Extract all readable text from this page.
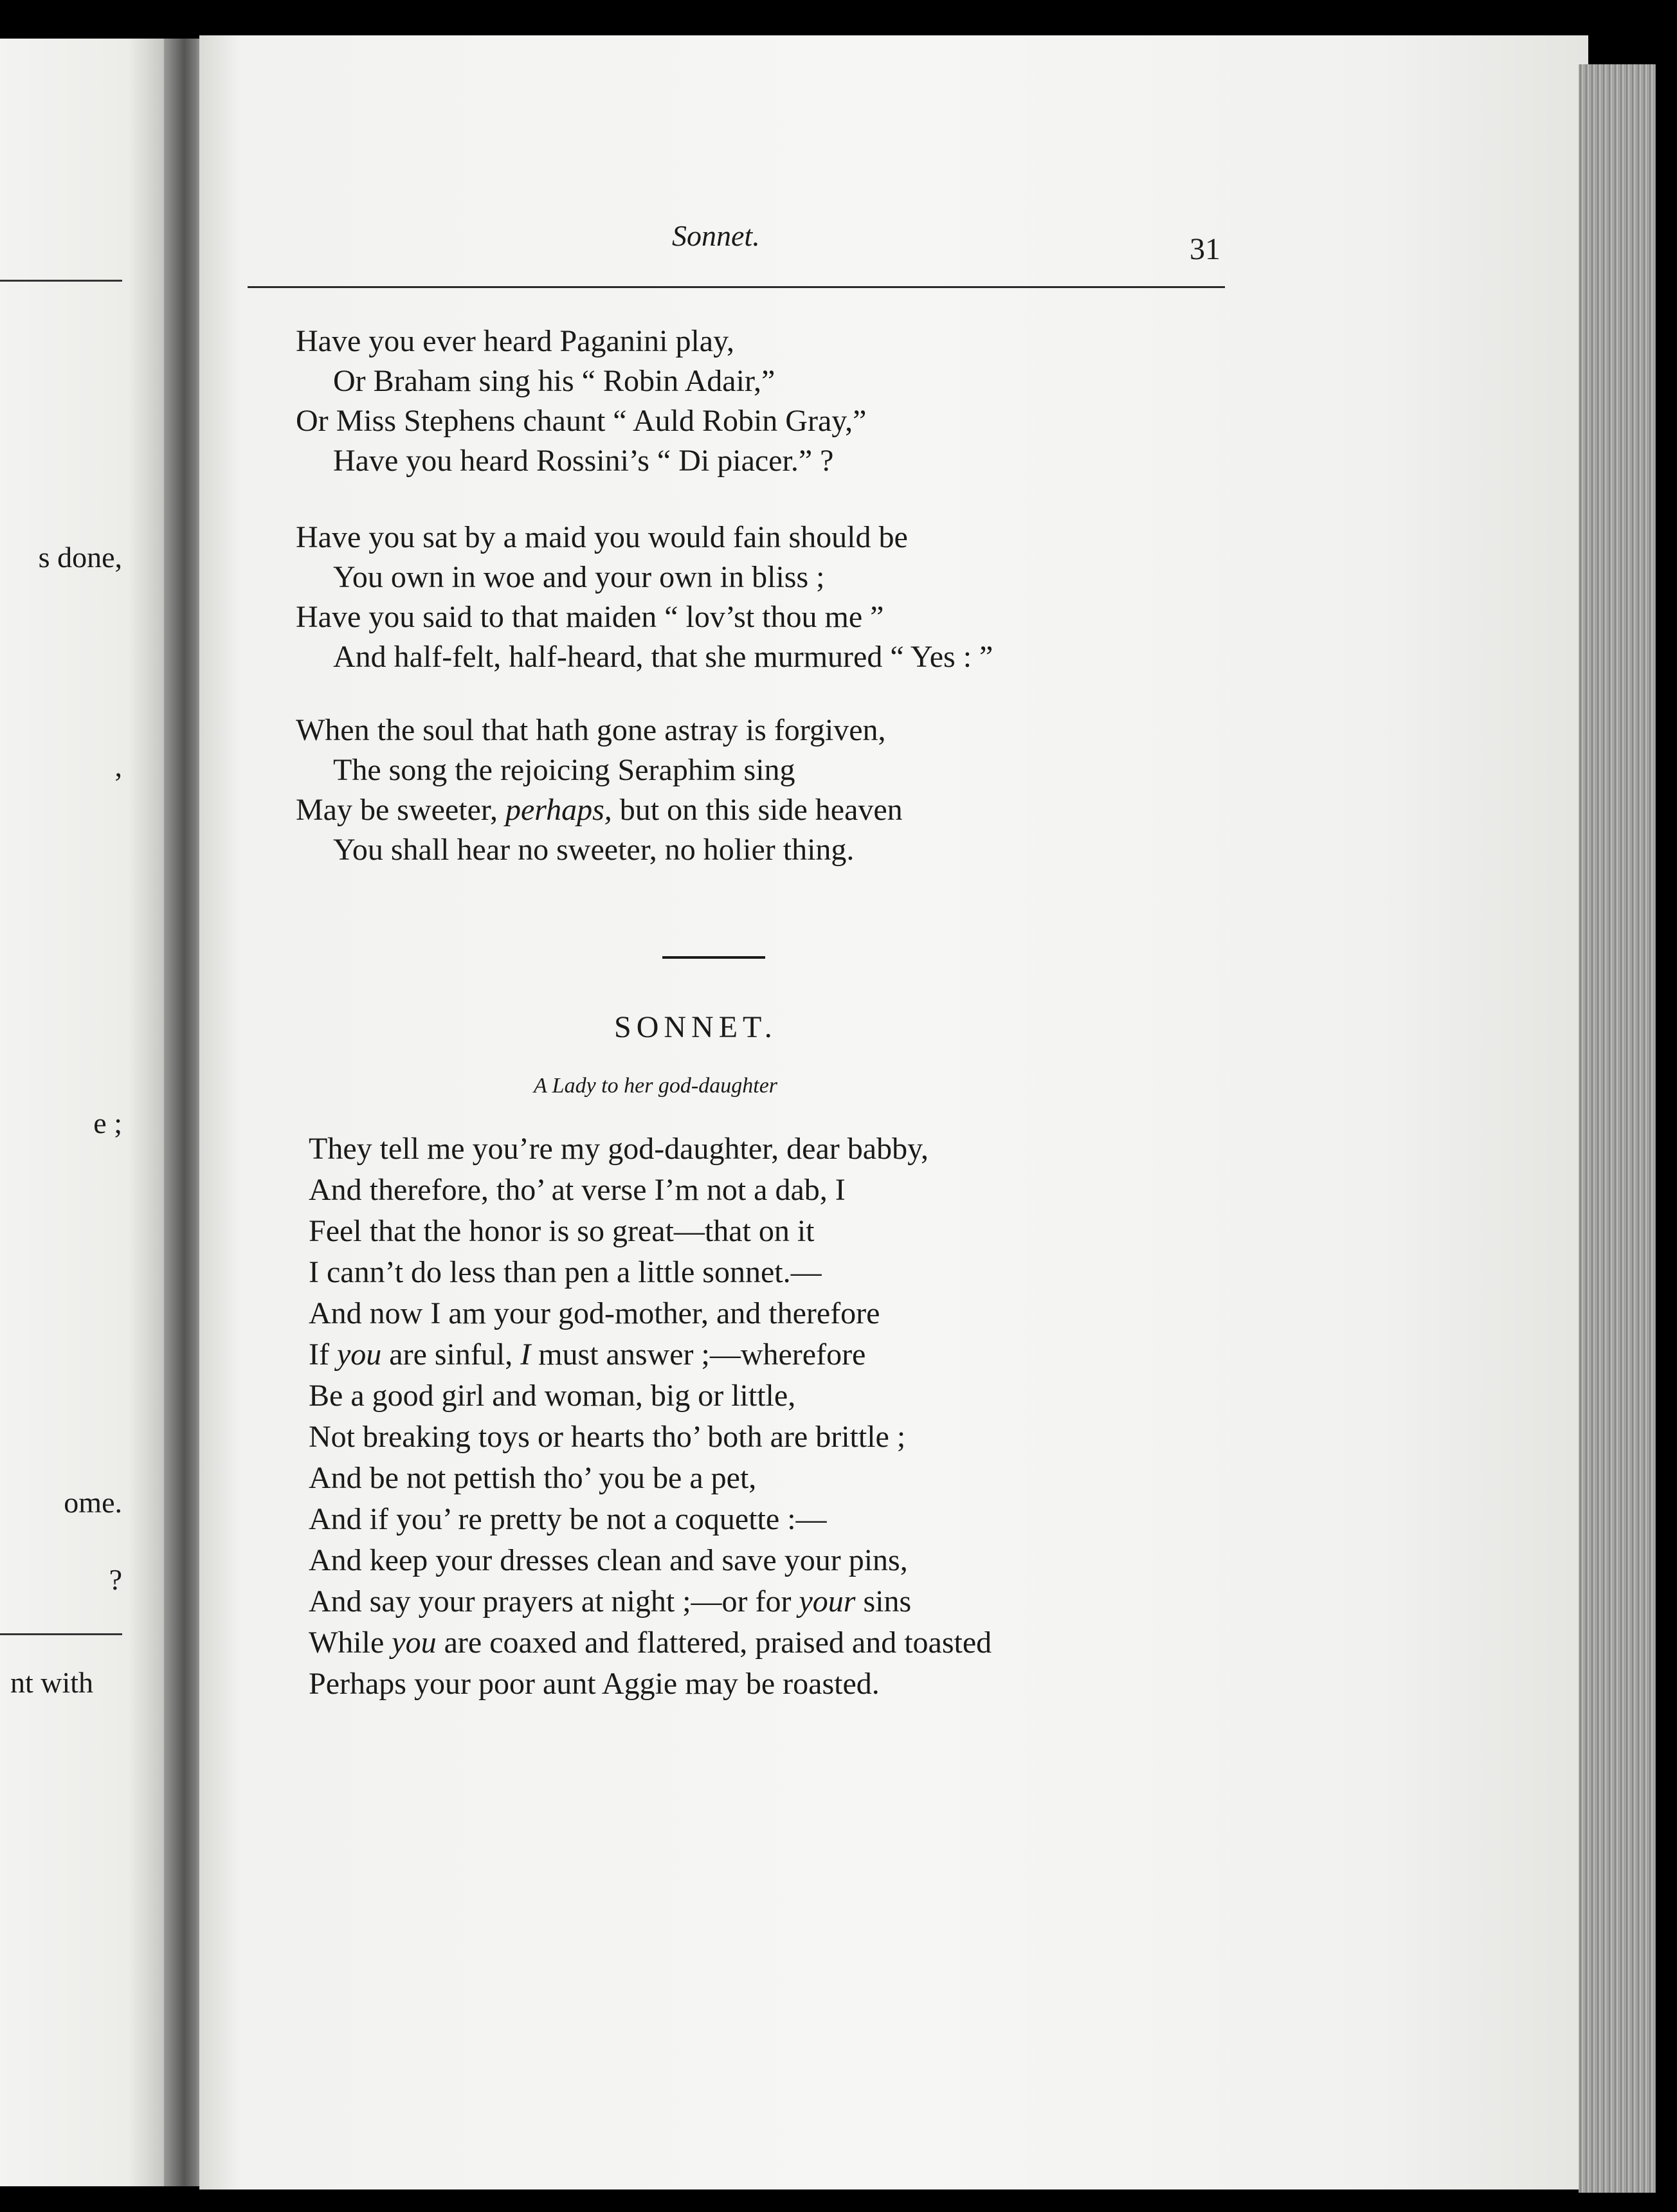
s done,
,
e ;
ome.
?
nt with
Sonnet.	31
Have you ever heard Paganini play,
Or Braham sing his “ Robin Adair,”
Or Miss Stephens chaunt “ Auld Robin Gray,”
Have you heard Rossini’s “ Di piacer.” ?
Have you sat by a maid you would fain should be
You own in woe and your own in bliss ;
Have you said to that maiden “ lov’st thou me ”
And half-felt, half-heard, that she murmured “ Yes : ”
When the soul that hath gone astray is forgiven,
The song the rejoicing Seraphim sing
May be sweeter, perhaps, but on this side heaven
You shall hear no sweeter, no holier thing.
SONNET.
A Lady to her god-daughter
They tell me you’re my god-daughter, dear babby,
And therefore, tho’ at verse I’m not a dab, I
Feel that the honor is so great—that on it
I cann’t do less than pen a little sonnet.—
And now I am your god-mother, and therefore
If you are sinful, I must answer ;—wherefore
Be a good girl and woman, big or little,
Not breaking toys or hearts tho’ both are brittle ;
And be not pettish tho’ you be a pet,
And if you’ re pretty be not a coquette :—
And keep your dresses clean and save your pins,
And say your prayers at night ;—or for your sins
While you are coaxed and flattered, praised and toasted
Perhaps your poor aunt Aggie may be roasted.
